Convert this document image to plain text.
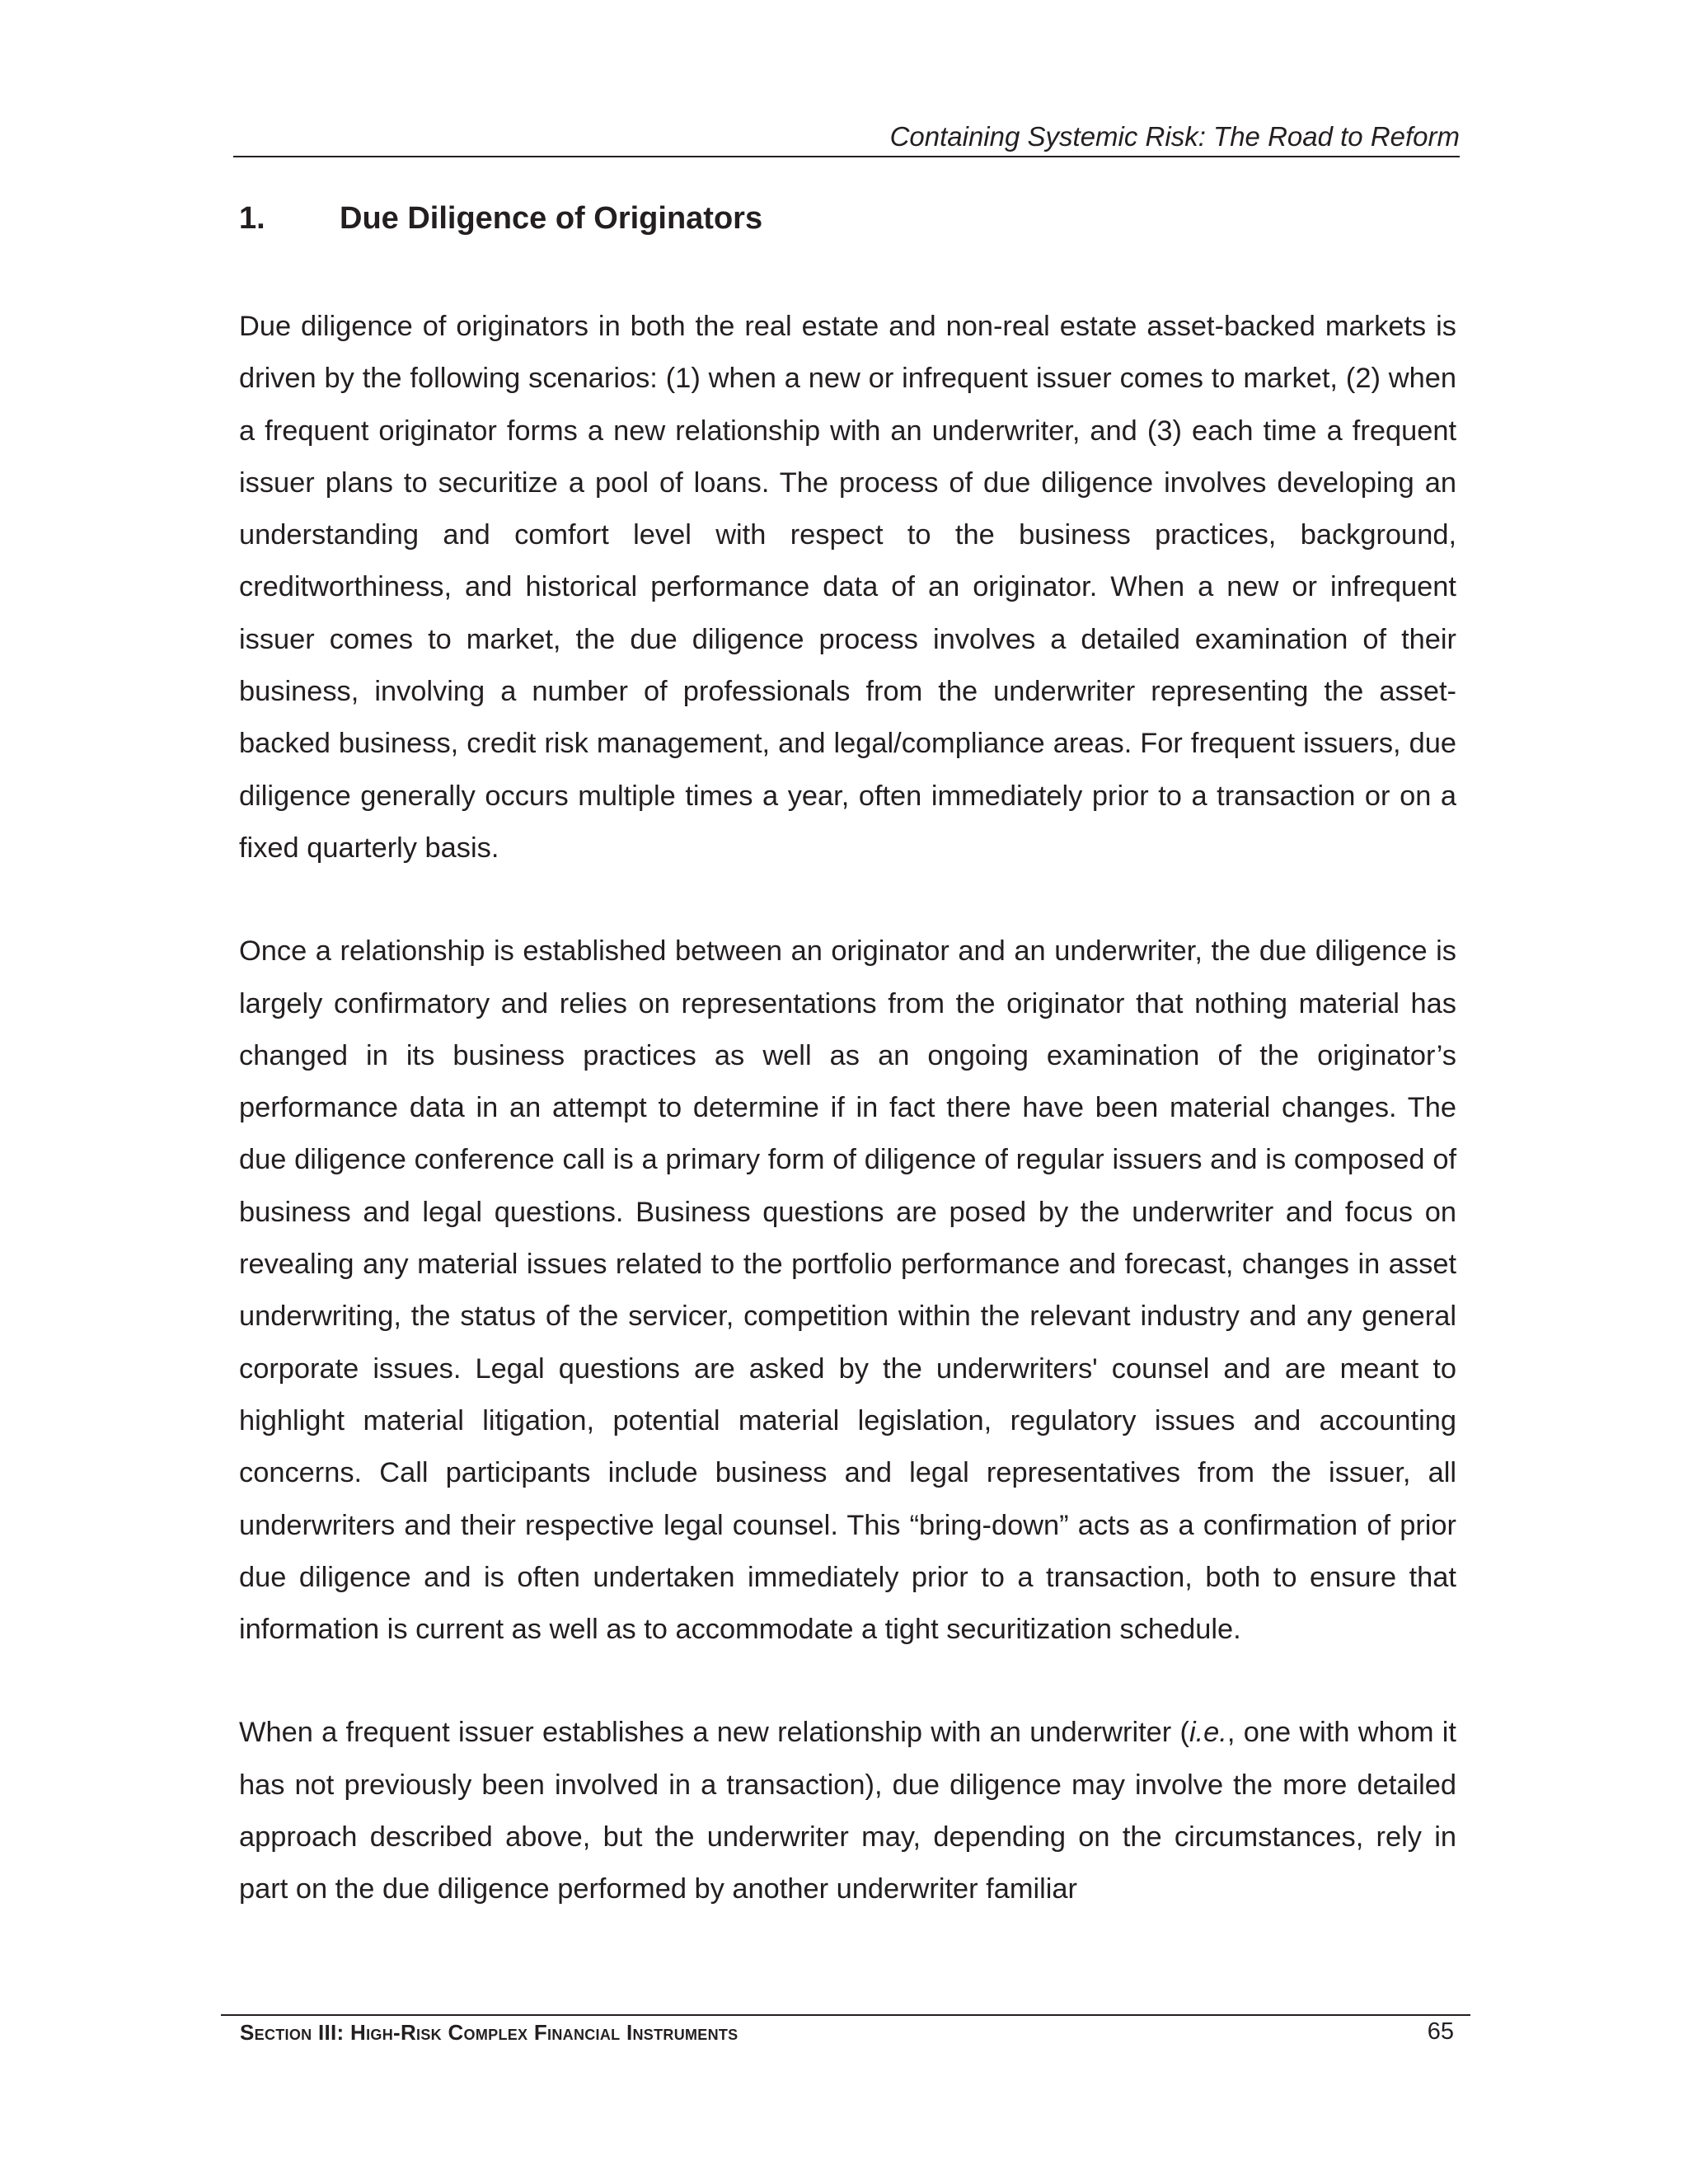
Containing Systemic Risk: The Road to Reform
1. Due Diligence of Originators

Due diligence of originators in both the real estate and non-real estate asset-backed markets is driven by the following scenarios: (1) when a new or infrequent issuer comes to market, (2) when a frequent originator forms a new relationship with an underwriter, and (3) each time a frequent issuer plans to securitize a pool of loans. The process of due diligence involves developing an understanding and comfort level with respect to the business practices, background, creditworthiness, and historical performance data of an originator. When a new or infrequent issuer comes to market, the due diligence process involves a detailed examination of their business, involving a number of professionals from the underwriter representing the asset-backed business, credit risk management, and legal/compliance areas. For frequent issuers, due diligence generally occurs multiple times a year, often immediately prior to a transaction or on a fixed quarterly basis.

Once a relationship is established between an originator and an underwriter, the due diligence is largely confirmatory and relies on representations from the originator that nothing material has changed in its business practices as well as an ongoing examination of the originator’s performance data in an attempt to determine if in fact there have been material changes. The due diligence conference call is a primary form of diligence of regular issuers and is composed of business and legal questions. Business questions are posed by the underwriter and focus on revealing any material issues related to the portfolio performance and forecast, changes in asset underwriting, the status of the servicer, competition within the relevant industry and any general corporate issues. Legal questions are asked by the underwriters' counsel and are meant to highlight material litigation, potential material legislation, regulatory issues and accounting concerns. Call participants include business and legal representatives from the issuer, all underwriters and their respective legal counsel. This “bring-down” acts as a confirmation of prior due diligence and is often undertaken immediately prior to a transaction, both to ensure that information is current as well as to accommodate a tight securitization schedule.

When a frequent issuer establishes a new relationship with an underwriter (i.e., one with whom it has not previously been involved in a transaction), due diligence may involve the more detailed approach described above, but the underwriter may, depending on the circumstances, rely in part on the due diligence performed by another underwriter familiar

Section III: High-Risk Complex Financial Instruments	65
